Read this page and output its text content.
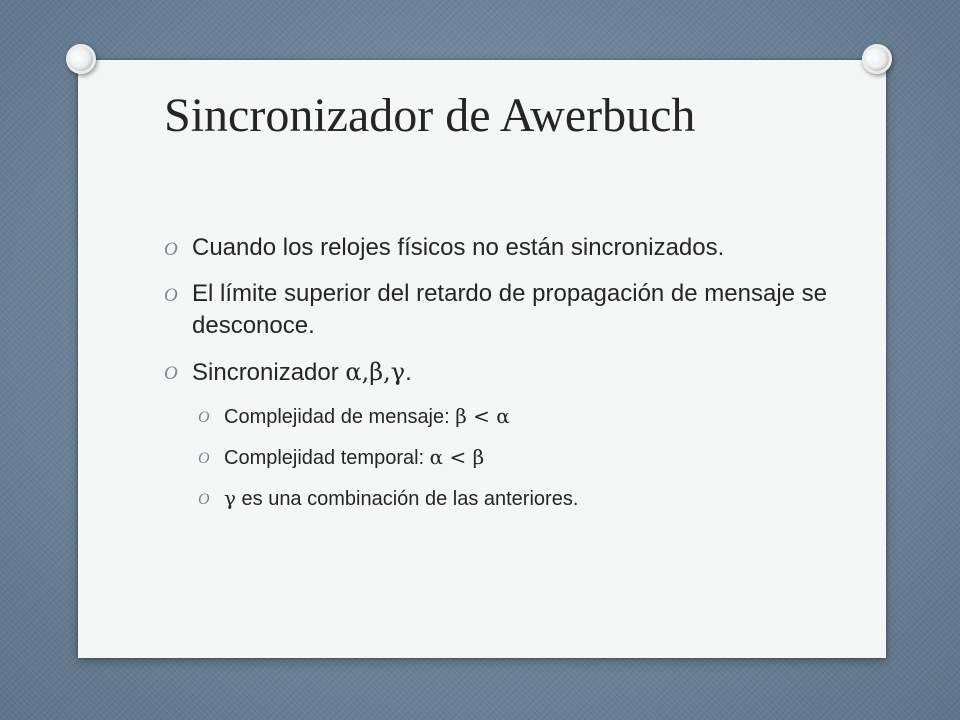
Sincronizador de Awerbuch
O Cuando los relojes físicos no están sincronizados.
O El límite superior del retardo de propagación de mensaje se desconoce.
O Sincronizador α,β,γ.
O Complejidad de mensaje: β < α
O Complejidad temporal: α < β
O γ es una combinación de las anteriores.
